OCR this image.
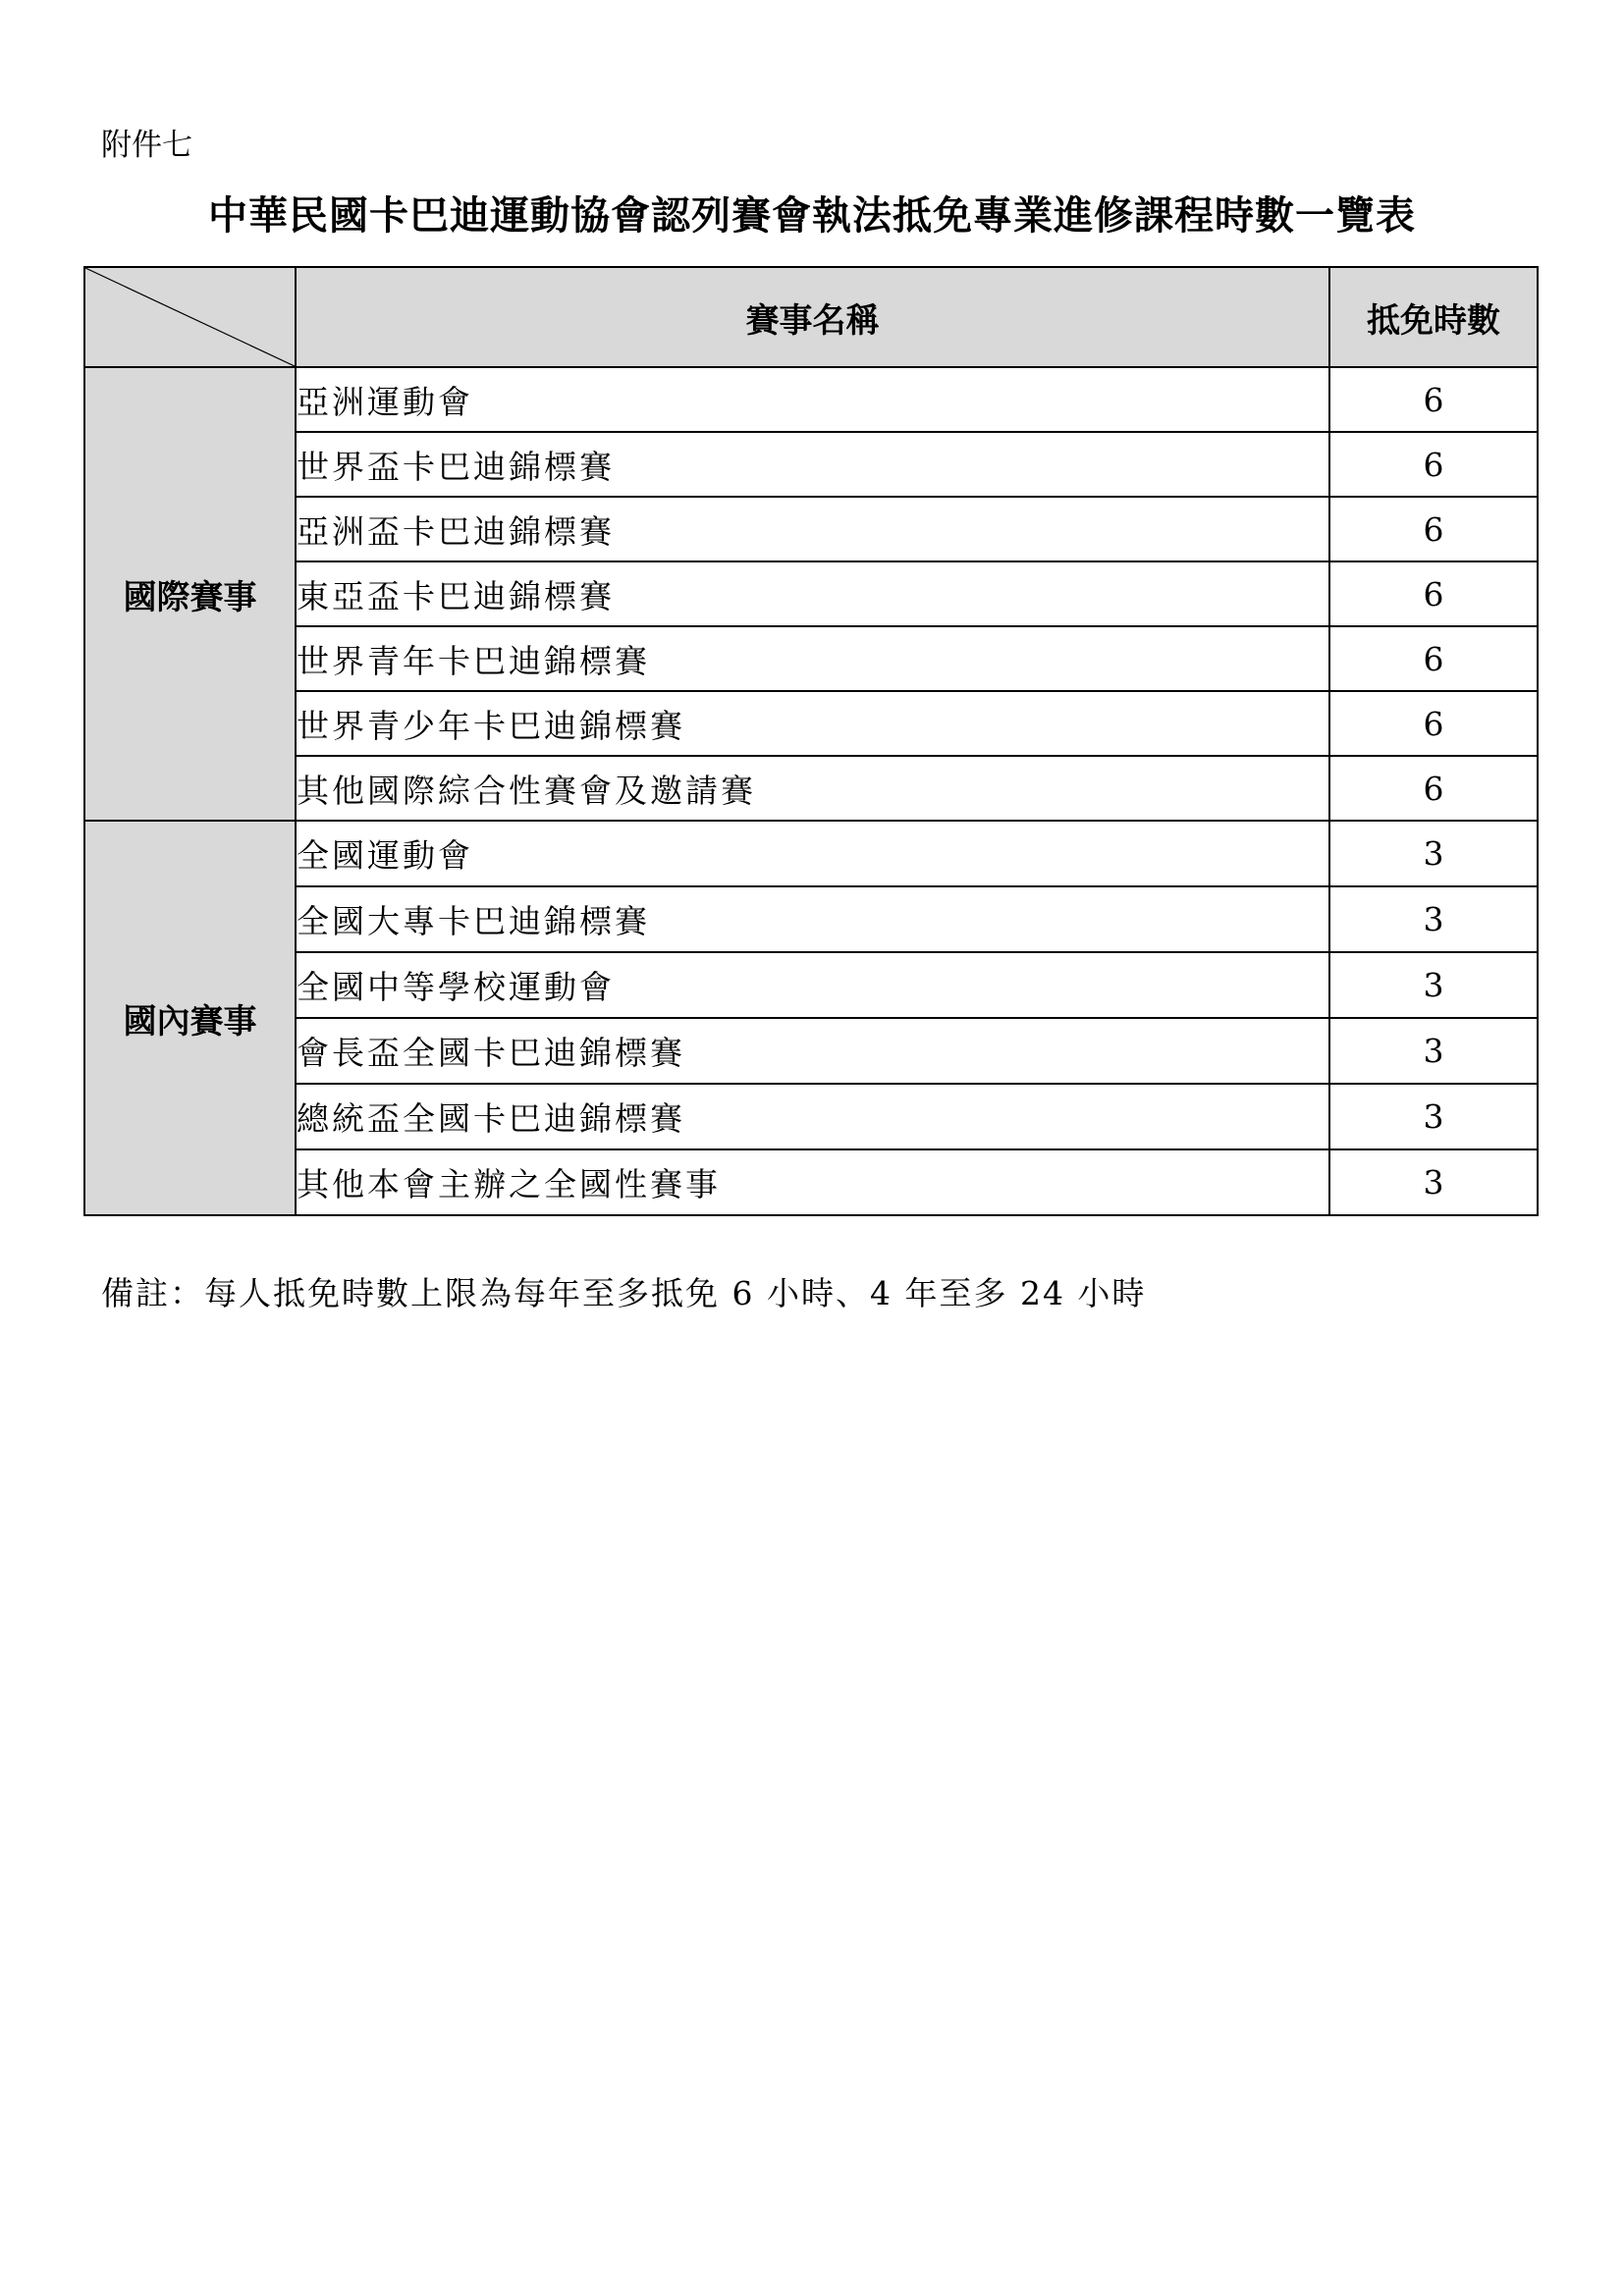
附件七
中華民國卡巴迪運動協會認列賽會執法抵免專業進修課程時數一覽表
	賽事名稱	抵免時數
國際賽事	亞洲運動會	6
	世界盃卡巴迪錦標賽	6
	亞洲盃卡巴迪錦標賽	6
	東亞盃卡巴迪錦標賽	6
	世界青年卡巴迪錦標賽	6
	世界青少年卡巴迪錦標賽	6
	其他國際綜合性賽會及邀請賽	6
國內賽事	全國運動會	3
	全國大專卡巴迪錦標賽	3
	全國中等學校運動會	3
	會長盃全國卡巴迪錦標賽	3
	總統盃全國卡巴迪錦標賽	3
	其他本會主辦之全國性賽事	3
備註：每人抵免時數上限為每年至多抵免 6 小時、4 年至多 24 小時
